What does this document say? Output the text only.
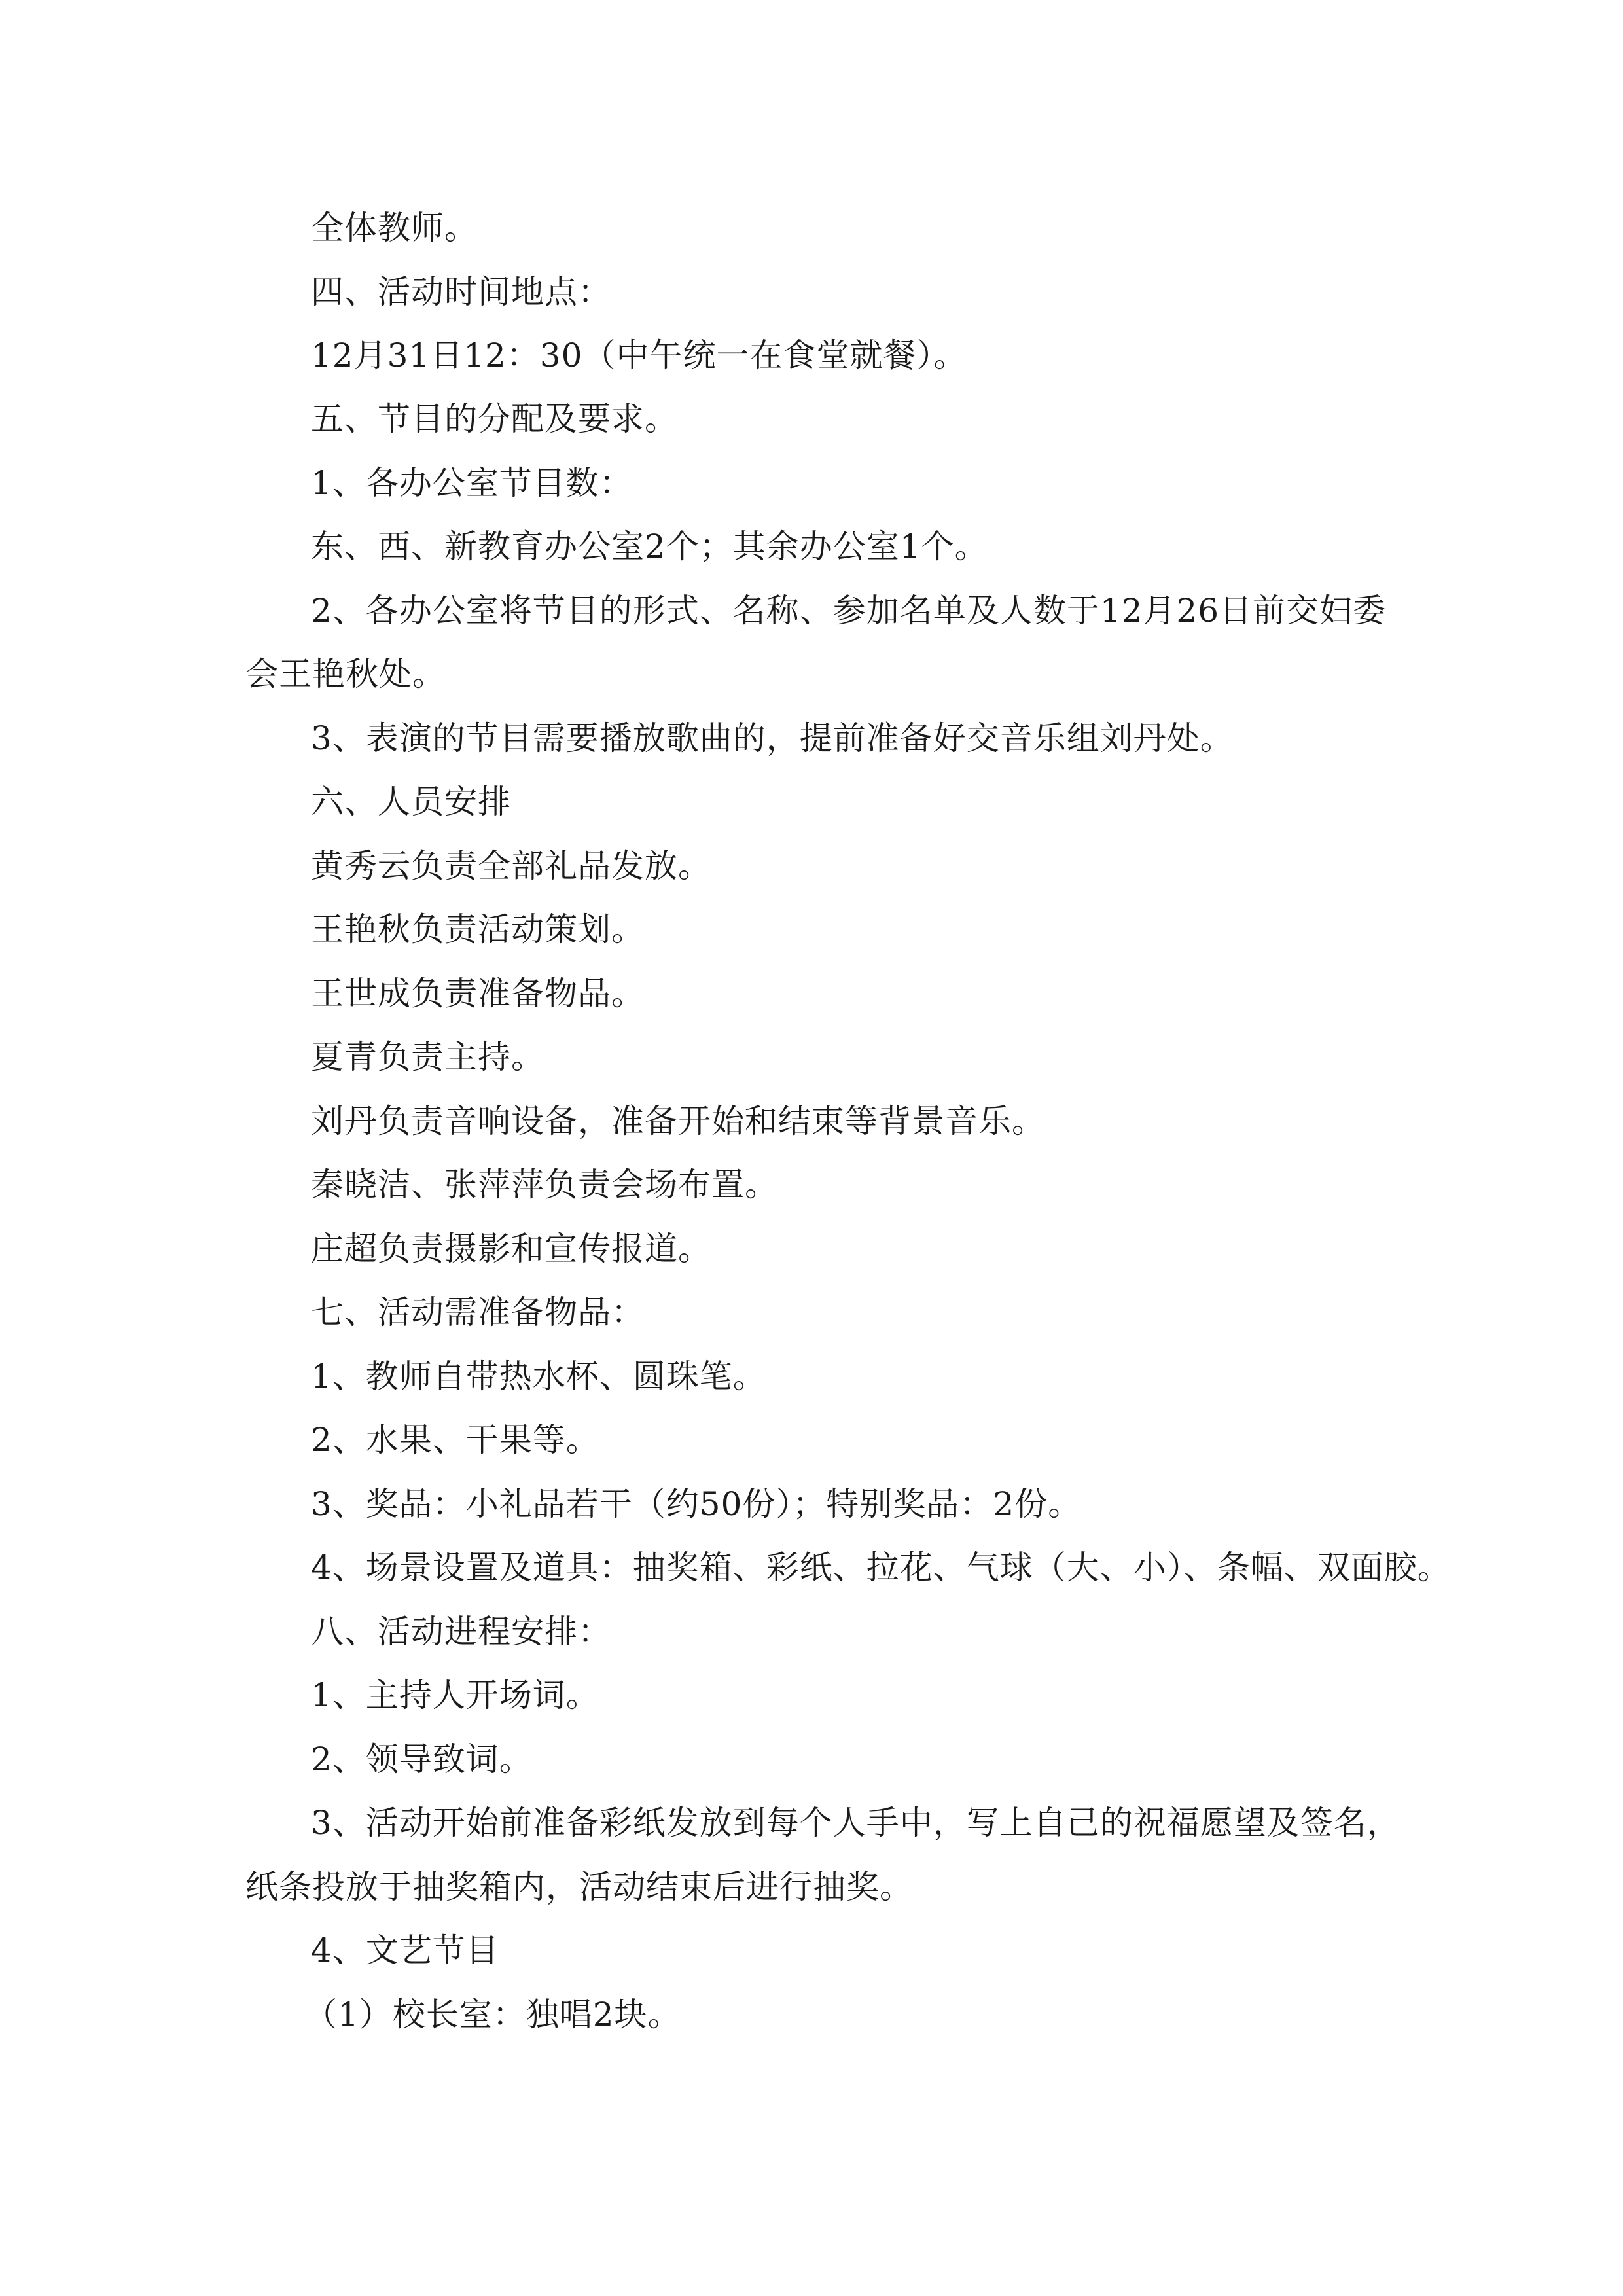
全体教师。
四、活动时间地点：
12月31日12：30（中午统一在食堂就餐）。
五、节目的分配及要求。
1、各办公室节目数：
东、西、新教育办公室2个；其余办公室1个。
2、各办公室将节目的形式、名称、参加名单及人数于12月26日前交妇委
会王艳秋处。
3、表演的节目需要播放歌曲的，提前准备好交音乐组刘丹处。
六、人员安排
黄秀云负责全部礼品发放。
王艳秋负责活动策划。
王世成负责准备物品。
夏青负责主持。
刘丹负责音响设备，准备开始和结束等背景音乐。
秦晓洁、张萍萍负责会场布置。
庄超负责摄影和宣传报道。
七、活动需准备物品：
1、教师自带热水杯、圆珠笔。
2、水果、干果等。
3、奖品：小礼品若干（约50份）；特别奖品：2份。
4、场景设置及道具：抽奖箱、彩纸、拉花、气球（大、小）、条幅、双面胶。
八、活动进程安排：
1、主持人开场词。
2、领导致词。
3、活动开始前准备彩纸发放到每个人手中，写上自己的祝福愿望及签名，
纸条投放于抽奖箱内，活动结束后进行抽奖。
4、文艺节目
（1）校长室：独唱2块。
